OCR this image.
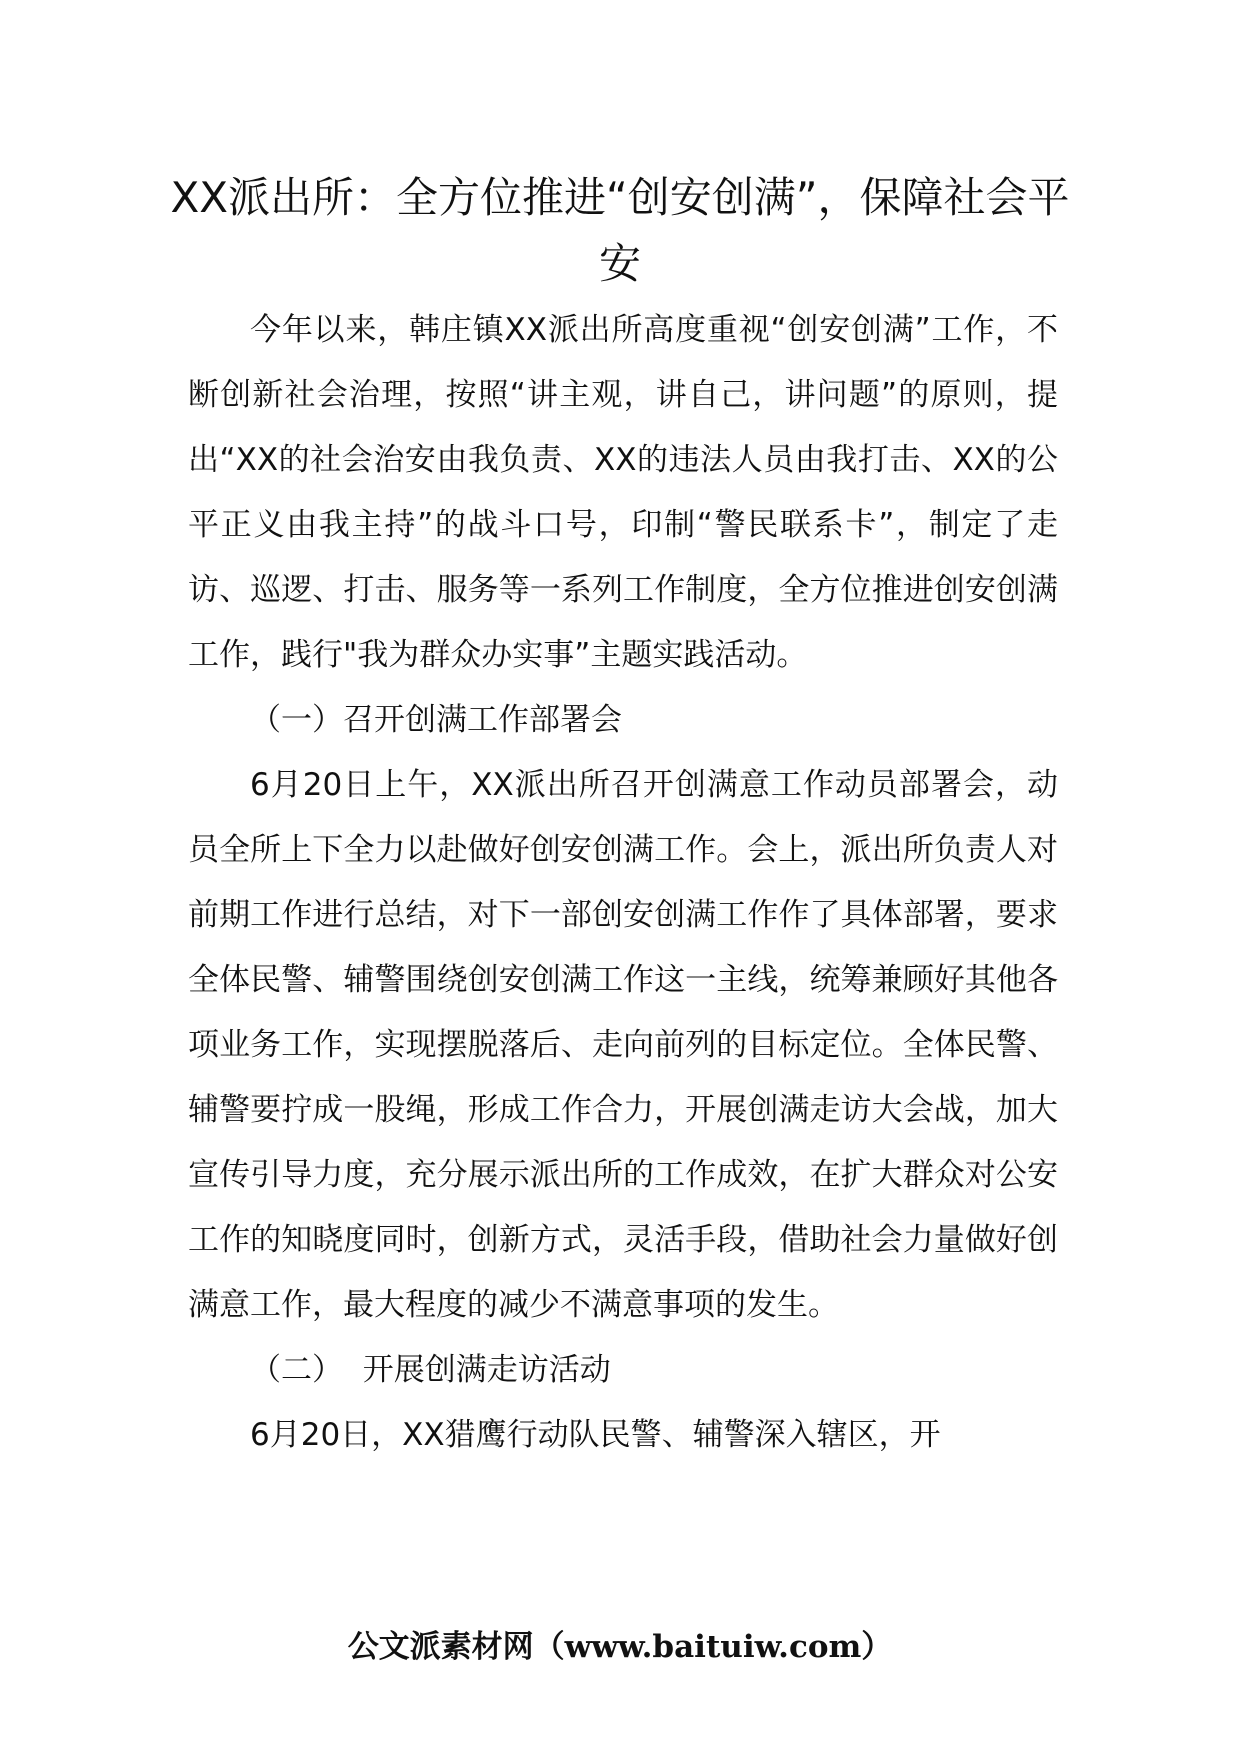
XX派出所：全方位推进“创安创满”，保障社会平安

今年以来，韩庄镇XX派出所高度重视“创安创满”工作，不断创新社会治理，按照“讲主观，讲自己，讲问题”的原则，提出“XX的社会治安由我负责、XX的违法人员由我打击、XX的公平正义由我主持”的战斗口号，印制“警民联系卡”，制定了走访、巡逻、打击、服务等一系列工作制度，全方位推进创安创满工作，践行"我为群众办实事”主题实践活动。

（一）召开创满工作部署会

6月20日上午，XX派出所召开创满意工作动员部署会，动员全所上下全力以赴做好创安创满工作。会上，派出所负责人对前期工作进行总结，对下一部创安创满工作作了具体部署，要求全体民警、辅警围绕创安创满工作这一主线，统筹兼顾好其他各项业务工作，实现摆脱落后、走向前列的目标定位。全体民警、辅警要拧成一股绳，形成工作合力，开展创满走访大会战，加大宣传引导力度，充分展示派出所的工作成效，在扩大群众对公安工作的知晓度同时，创新方式，灵活手段，借助社会力量做好创满意工作，最大程度的减少不满意事项的发生。

（二）  开展创满走访活动

6月20日，XX猎鹰行动队民警、辅警深入辖区，开

公文派素材网（www.baituiw.com）
